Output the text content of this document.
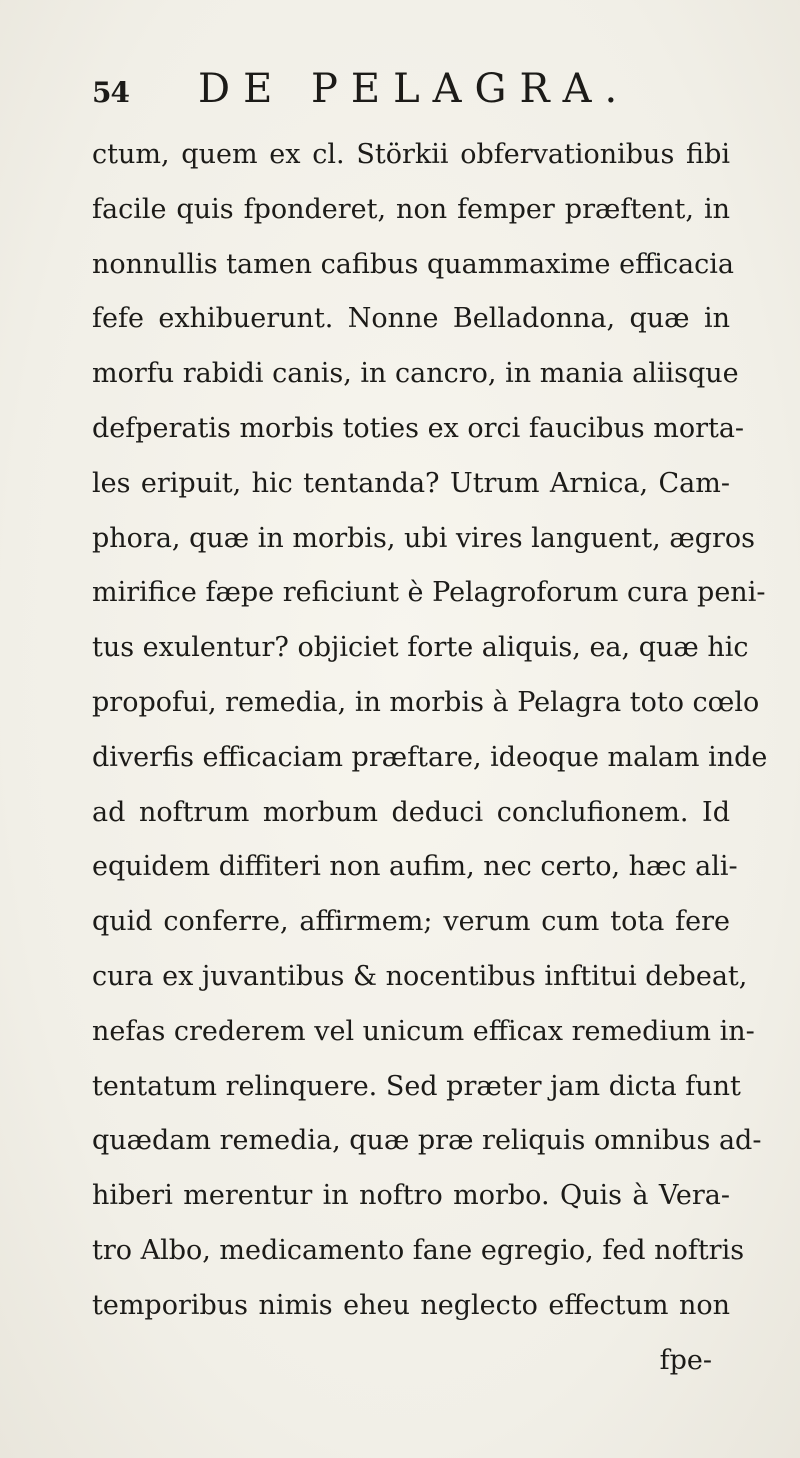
54 DE PELAGRA.
ctum, quem ex cl. Störkii obfervationibus fibi
facile quis fponderet, non femper præftent, in
nonnullis tamen cafibus quammaxime efficacia
fefe exhibuerunt. Nonne Belladonna, quæ in
morfu rabidi canis, in cancro, in mania aliisque
defperatis morbis toties ex orci faucibus morta-
les eripuit, hic tentanda? Utrum Arnica, Cam-
phora, quæ in morbis, ubi vires languent, ægros
mirifice fæpe reficiunt è Pelagroforum cura peni-
tus exulentur? objiciet forte aliquis, ea, quæ hic
propofui, remedia, in morbis à Pelagra toto cœlo
diverfis efficaciam præftare, ideoque malam inde
ad noftrum morbum deduci conclufionem. Id
equidem diffiteri non aufim, nec certo, hæc ali-
quid conferre, affirmem; verum cum tota fere
cura ex juvantibus & nocentibus inftitui debeat,
nefas crederem vel unicum efficax remedium in-
tentatum relinquere. Sed præter jam dicta funt
quædam remedia, quæ præ reliquis omnibus ad-
hiberi merentur in noftro morbo. Quis à Vera-
tro Albo, medicamento fane egregio, fed noftris
temporibus nimis eheu neglecto effectum non
fpe-
